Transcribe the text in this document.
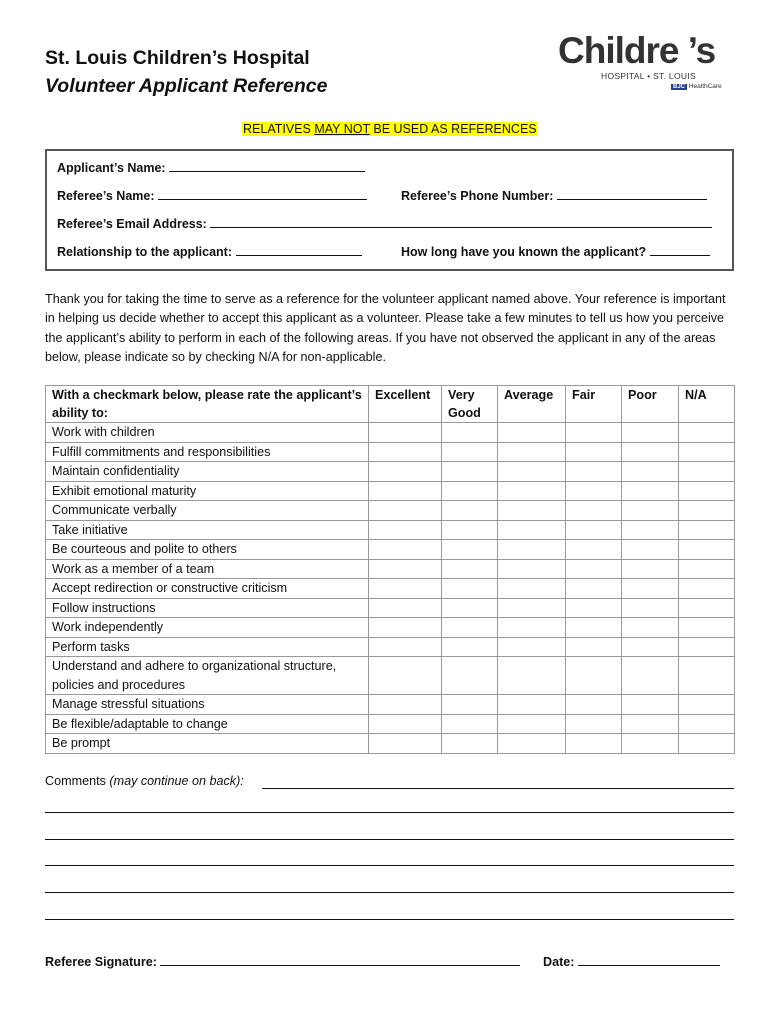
St. Louis Children’s Hospital
Volunteer Applicant Reference
Childre ’s
HOSPITAL • ST. LOUIS
BJC HealthCare
RELATIVES MAY NOT BE USED AS REFERENCES
Applicant’s Name:
Referee’s Name:	Referee’s Phone Number:
Referee’s Email Address:
Relationship to the applicant:	How long have you known the applicant?
Thank you for taking the time to serve as a reference for the volunteer applicant named above. Your reference is important in helping us decide whether to accept this applicant as a volunteer. Please take a few minutes to tell us how you perceive the applicant’s ability to perform in each of the following areas. If you have not observed the applicant in any of the areas below, please indicate so by checking N/A for non-applicable.
With a checkmark below, please rate the applicant’s ability to:	Excellent	Very Good	Average	Fair	Poor	N/A
Work with children						
Fulfill commitments and responsibilities						
Maintain confidentiality						
Exhibit emotional maturity						
Communicate verbally						
Take initiative						
Be courteous and polite to others						
Work as a member of a team						
Accept redirection or constructive criticism						
Follow instructions						
Work independently						
Perform tasks						
Understand and adhere to organizational structure, policies and procedures						
Manage stressful situations						
Be flexible/adaptable to change						
Be prompt						
Comments (may continue on back):
Referee Signature:	Date:
